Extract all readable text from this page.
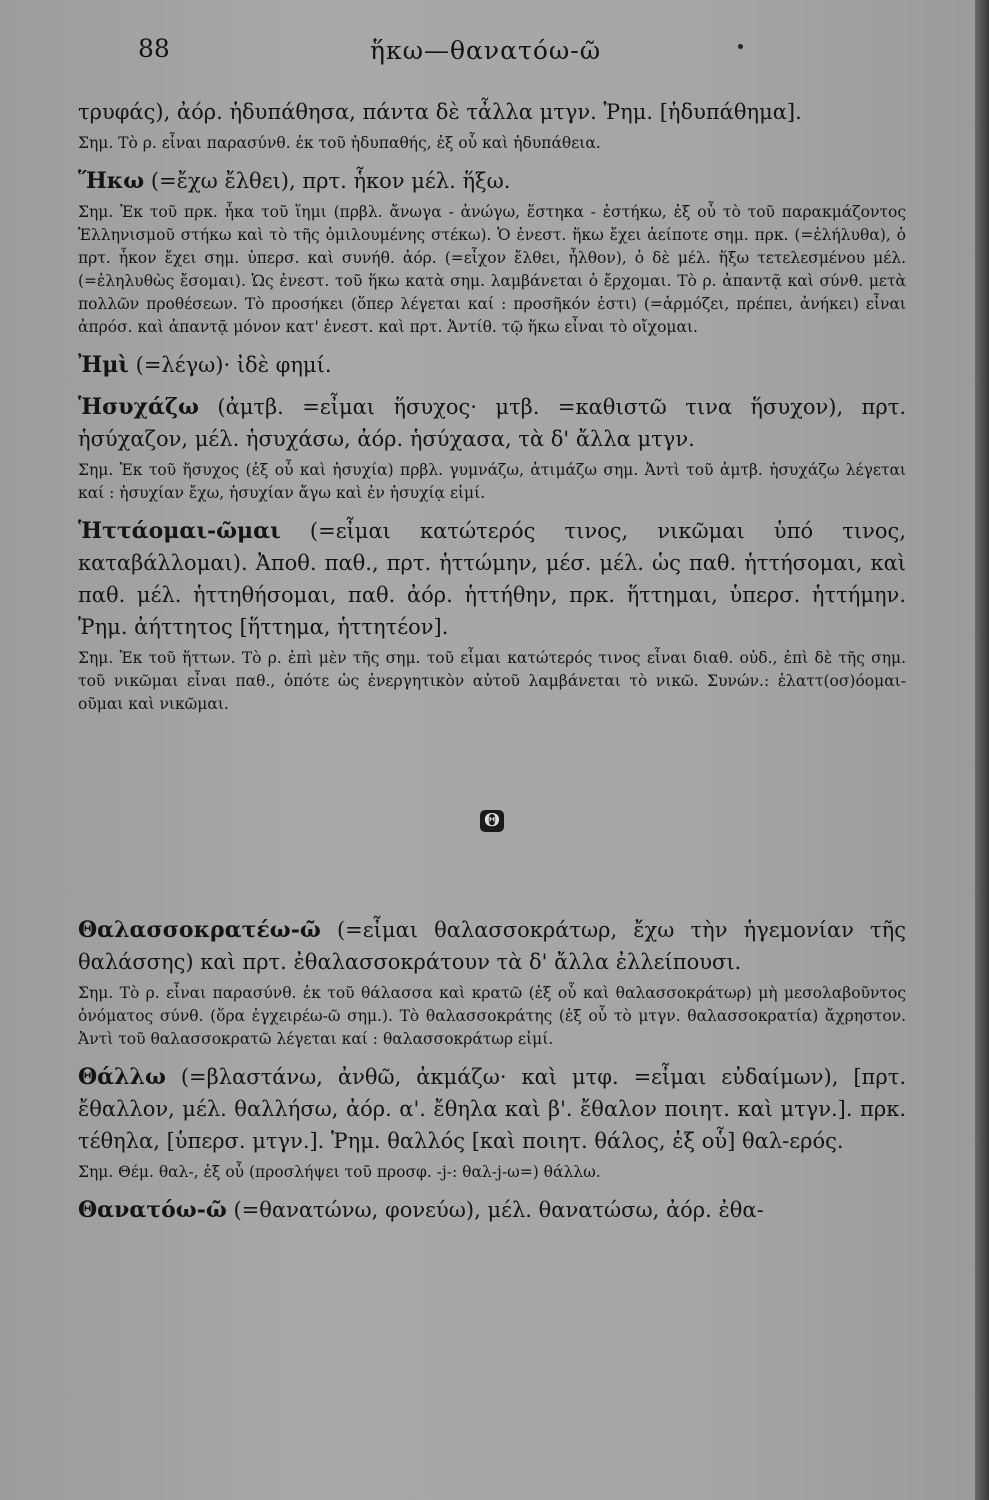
88	ἥκω—θανατόω-ῶ

τρυφάς), ἀόρ. ἡδυπάθησα, πάντα δὲ τἆλλα μτγν. Ῥημ. [ἡδυπάθημα].

Σημ. Τὸ ρ. εἶναι παρασύνθ. ἐκ τοῦ ἡδυπαθής, ἐξ οὗ καὶ ἡδυπάθεια.

Ἥκω (=ἔχω ἔλθει), πρτ. ἧκον μέλ. ἥξω.

Σημ. Ἐκ τοῦ πρκ. ἧκα τοῦ ἵημι (πρβλ. ἄνωγα - ἀνώγω, ἕστηκα - ἑστήκω, ἐξ οὗ τὸ τοῦ παρακμάζοντος Ἑλληνισμοῦ στήκω καὶ τὸ τῆς ὁμιλουμένης στέκω). Ὁ ἐνεστ. ἥκω ἔχει ἀείποτε σημ. πρκ. (=ἐλήλυθα), ὁ πρτ. ἧκον ἔχει σημ. ὑπερσ. καὶ συνήθ. ἀόρ. (=εἶχον ἔλθει, ἦλθον), ὁ δὲ μέλ. ἥξω τετελεσμένου μέλ. (=ἐληλυθὼς ἔσομαι). Ὡς ἐνεστ. τοῦ ἥκω κατὰ σημ. λαμβάνεται ὁ ἔρχομαι. Τὸ ρ. ἀπαντᾷ καὶ σύνθ. μετὰ πολλῶν προθέσεων. Τὸ προσήκει (ὅπερ λέγεται καί : προσῆκόν ἐστι) (=ἁρμόζει, πρέπει, ἀνήκει) εἶναι ἀπρόσ. καὶ ἀπαντᾷ μόνον κατ' ἐνεστ. καὶ πρτ. Ἀντίθ. τῷ ἥκω εἶναι τὸ οἴχομαι.

Ἠμὶ (=λέγω)· ἰδὲ φημί.

Ἡσυχάζω (ἀμτβ. =εἶμαι ἥσυχος· μτβ. =καθιστῶ τινα ἥσυχον), πρτ. ἡσύχαζον, μέλ. ἡσυχάσω, ἀόρ. ἡσύχασα, τὰ δ' ἄλλα μτγν.

Σημ. Ἐκ τοῦ ἥσυχος (ἐξ οὗ καὶ ἡσυχία) πρβλ. γυμνάζω, ἀτιμάζω σημ. Ἀντὶ τοῦ ἀμτβ. ἡσυχάζω λέγεται καί : ἡσυχίαν ἔχω, ἡσυχίαν ἄγω καὶ ἐν ἡσυχίᾳ εἰμί.

Ἡττάομαι-ῶμαι (=εἶμαι κατώτερός τινος, νικῶμαι ὑπό τινος, καταβάλλομαι). Ἀποθ. παθ., πρτ. ἡττώμην, μέσ. μέλ. ὡς παθ. ἡττήσομαι, καὶ παθ. μέλ. ἡττηθήσομαι, παθ. ἀόρ. ἡττήθην, πρκ. ἥττημαι, ὑπερσ. ἡττήμην. Ῥημ. ἀήττητος [ἥττημα, ἡττητέον].

Σημ. Ἐκ τοῦ ἥττων. Τὸ ρ. ἐπὶ μὲν τῆς σημ. τοῦ εἶμαι κατώτερός τινος εἶναι διαθ. οὐδ., ἐπὶ δὲ τῆς σημ. τοῦ νικῶμαι εἶναι παθ., ὁπότε ὡς ἐνεργητικὸν αὐτοῦ λαμβάνεται τὸ νικῶ. Συνών.: ἐλαττ(οσ)όομαι-οῦμαι καὶ νικῶμαι.

Θ

Θαλασσοκρατέω-ῶ (=εἶμαι θαλασσοκράτωρ, ἔχω τὴν ἡγεμονίαν τῆς θαλάσσης) καὶ πρτ. ἐθαλασσοκράτουν τὰ δ' ἄλλα ἐλλείπουσι.

Σημ. Τὸ ρ. εἶναι παρασύνθ. ἐκ τοῦ θάλασσα καὶ κρατῶ (ἐξ οὗ καὶ θαλασσοκράτωρ) μὴ μεσολαβοῦντος ὀνόματος σύνθ. (ὅρα ἐγχειρέω-ῶ σημ.). Τὸ θαλασσοκράτης (ἐξ οὗ τὸ μτγν. θαλασσοκρατία) ἄχρηστον. Ἀντὶ τοῦ θαλασσοκρατῶ λέγεται καί : θαλασσοκράτωρ εἰμί.

Θάλλω (=βλαστάνω, ἀνθῶ, ἀκμάζω· καὶ μτφ. =εἶμαι εὐδαίμων), [πρτ. ἔθαλλον, μέλ. θαλλήσω, ἀόρ. α'. ἔθηλα καὶ β'. ἔθαλον ποιητ. καὶ μτγν.]. πρκ. τέθηλα, [ὑπερσ. μτγν.]. Ῥημ. θαλλός [καὶ ποιητ. θάλος, ἐξ οὗ] θαλ-ερός.

Σημ. Θέμ. θαλ-, ἐξ οὗ (προσλήψει τοῦ προσφ. -j-: θαλ-j-ω=) θάλλω.

Θανατόω-ῶ (=θανατώνω, φονεύω), μέλ. θανατώσω, ἀόρ. ἐθα-
